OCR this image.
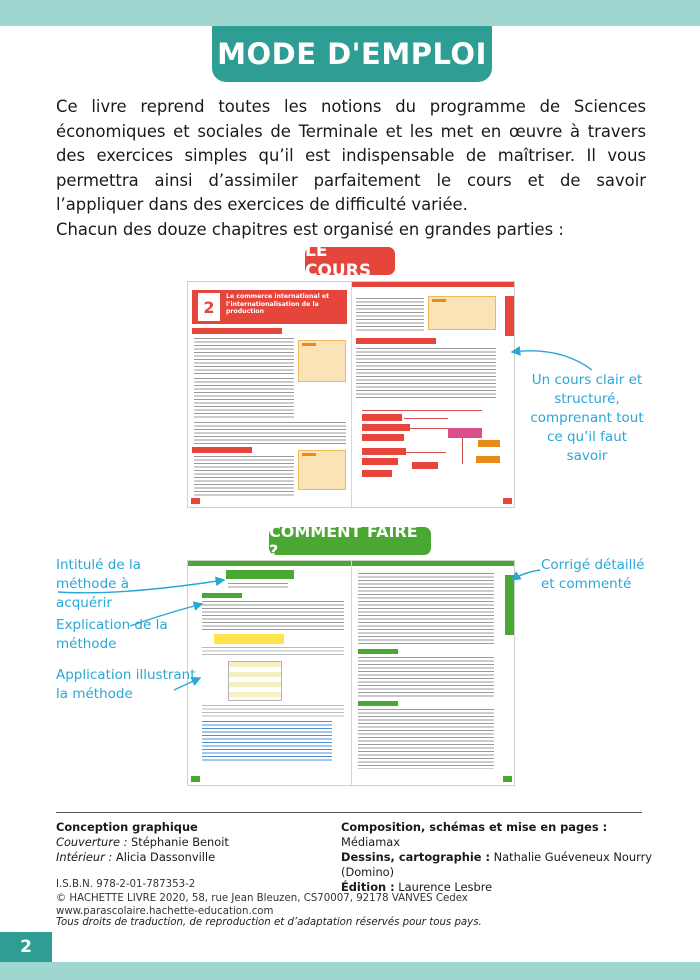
MODE D'EMPLOI

Ce livre reprend toutes les notions du programme de Sciences économiques et sociales de Terminale et les met en œuvre à travers des exercices simples qu’il est indispensable de maîtriser. Il vous permettra ainsi d’assimiler parfaitement le cours et de savoir l’appliquer dans des exercices de difficulté variée.

Chacun des douze chapitres est organisé en grandes parties :

LE COURS
2
Le commerce international et l’internationalisation de la production
COMMENT FAIRE ?
Un cours clair et structuré, comprenant tout ce qu’il faut savoir
Intitulé de la méthode à acquérir
Explication de la méthode
Application illustrant la méthode
Corrigé détaillé et commenté
Conception graphique
Couverture : Stéphanie Benoit
Intérieur : Alicia Dassonville
Composition, schémas et mise en pages : Médiamax
Dessins, cartographie : Nathalie Guéveneux Nourry (Domino)
Édition : Laurence Lesbre
I.S.B.N. 978-2-01-787353-2
© HACHETTE LIVRE 2020, 58, rue Jean Bleuzen, CS70007, 92178 VANVES Cedex
www.parascolaire.hachette-education.com
Tous droits de traduction, de reproduction et d’adaptation réservés pour tous pays.
2
